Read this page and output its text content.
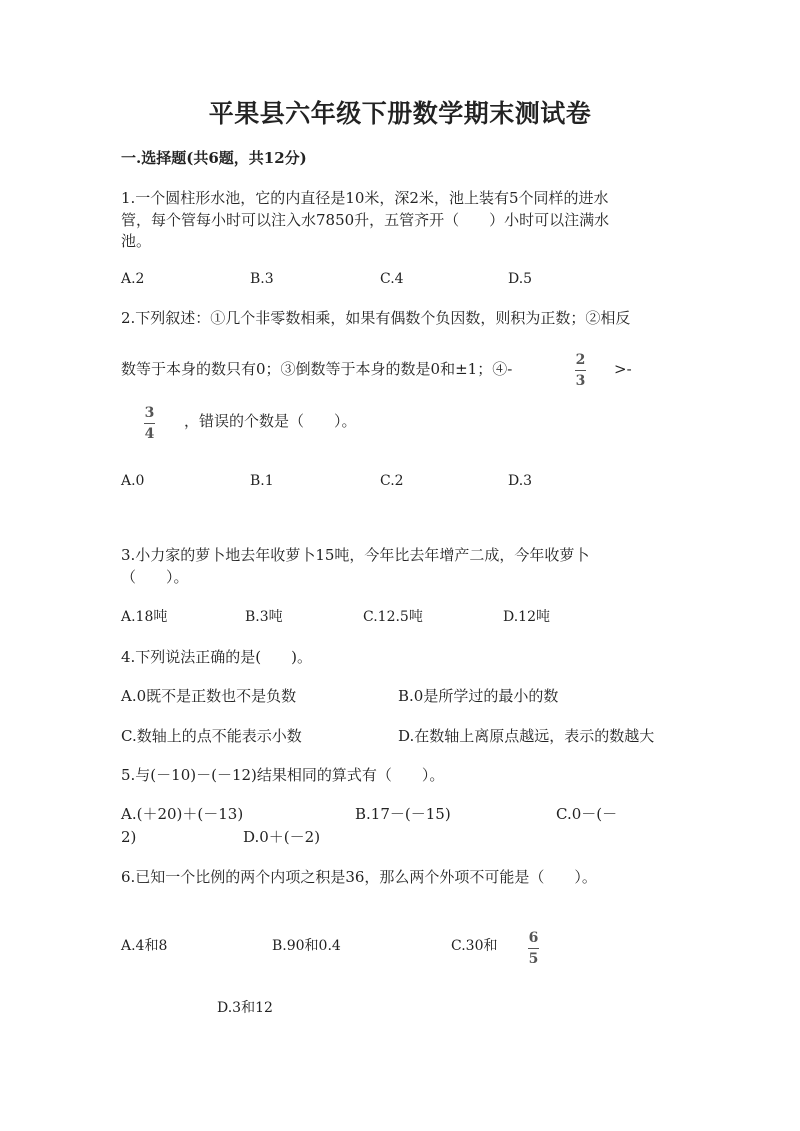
平果县六年级下册数学期末测试卷
一.选择题(共6题，共12分)
1.一个圆柱形水池，它的内直径是10米，深2米，池上装有5个同样的进水
管，每个管每小时可以注入水7850升，五管齐开（　　）小时可以注满水
池。
A.2	B.3	C.4	D.5
2.下列叙述：①几个非零数相乘，如果有偶数个负因数，则积为正数；②相反
数等于本身的数只有0；③倒数等于本身的数是0和±1；④-	2
3
>-
3
4
，错误的个数是（　　）。
A.0	B.1	C.2	D.3
3.小力家的萝卜地去年收萝卜15吨，今年比去年增产二成，今年收萝卜
（　　）。
A.18吨	B.3吨	C.12.5吨	D.12吨
4.下列说法正确的是(　　)。
A.0既不是正数也不是负数	B.0是所学过的最小的数
C.数轴上的点不能表示小数	D.在数轴上离原点越远，表示的数越大
5.与(－10)－(－12)结果相同的算式有（　　）。
A.(＋20)＋(－13)	B.17－(－15)	C.0－(－
2)	D.0＋(－2)
6.已知一个比例的两个内项之积是36，那么两个外项不可能是（　　）。
A.4和8	B.90和0.4	C.30和 6
5
D.3和12
